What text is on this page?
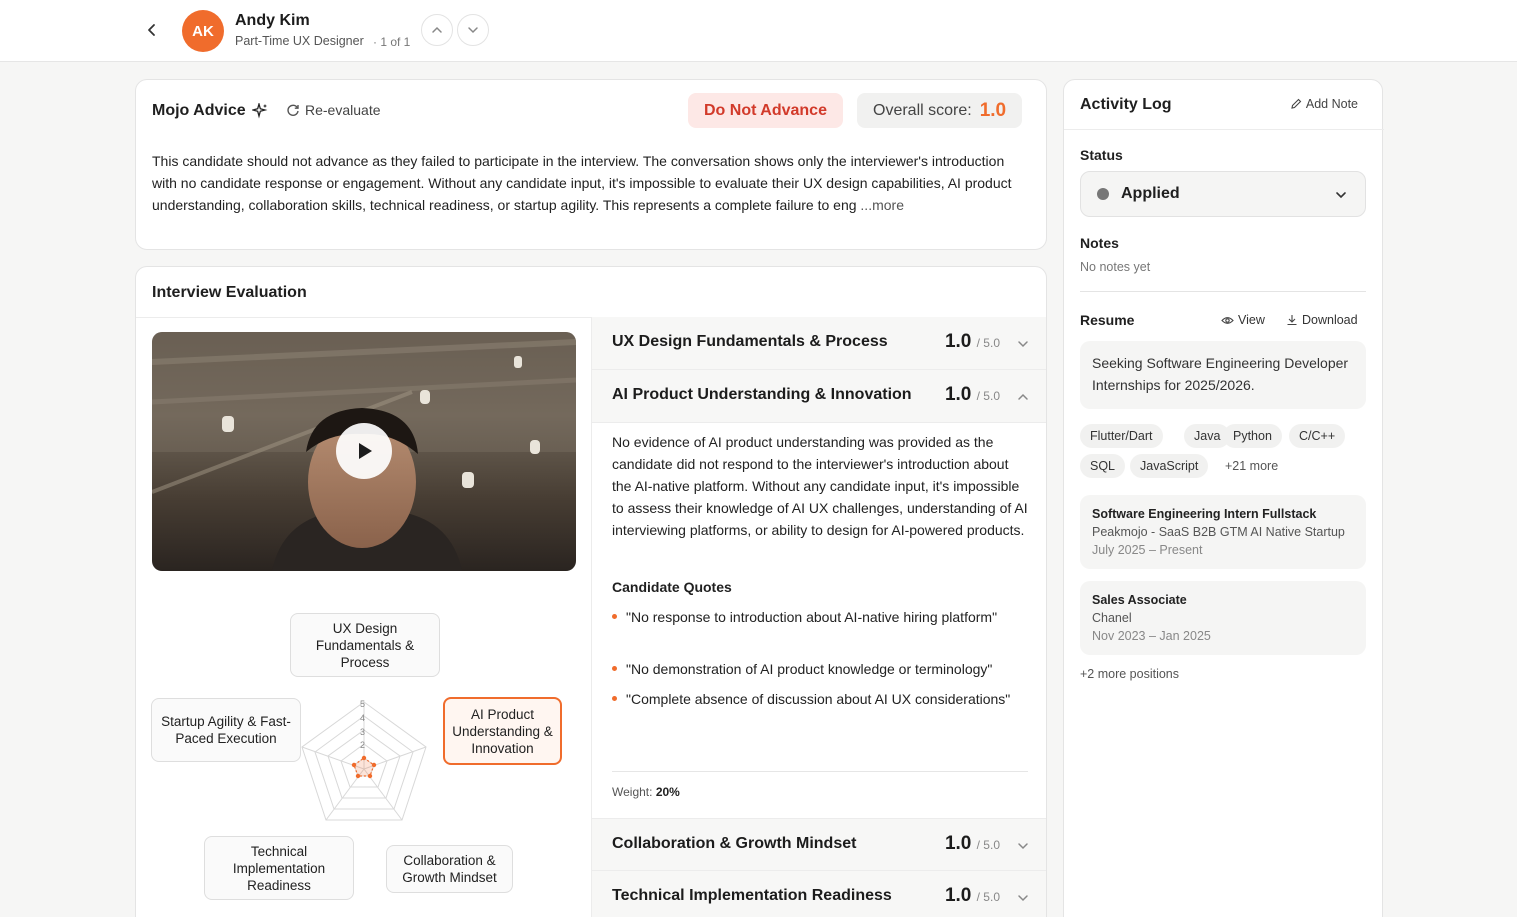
AK
Andy Kim
Part-Time UX Designer · 1 of 1
Mojo Advice	Re-evaluate	Do Not Advance	Overall score: 1.0
This candidate should not advance as they failed to participate in the interview. The conversation shows only the interviewer's introduction with no candidate response or engagement. Without any candidate input, it's impossible to evaluate their UX design capabilities, AI product understanding, collaboration skills, technical readiness, or startup agility. This represents a complete failure to eng ...more
Interview Evaluation
5
4
3
2
UX Design Fundamentals & Process
AI Product Understanding & Innovation
Collaboration & Growth Mindset
Technical Implementation Readiness
Startup Agility & Fast-Paced Execution
UX Design Fundamentals & Process	1.0 / 5.0
AI Product Understanding & Innovation 1.0 / 5.0
No evidence of AI product understanding was provided as the candidate did not respond to the interviewer's introduction about the AI-native platform. Without any candidate input, it's impossible to assess their knowledge of AI UX challenges, understanding of AI interviewing platforms, or ability to design for AI-powered products.
Candidate Quotes
"No response to introduction about AI-native hiring platform"
"No demonstration of AI product knowledge or terminology"
"Complete absence of discussion about AI UX considerations"
Weight: 20%
Collaboration & Growth Mindset	1.0 / 5.0
Technical Implementation Readiness	1.0 / 5.0
Activity Log	Add Note
Status
Applied
Notes
No notes yet
Resume	View	Download
Seeking Software Engineering Developer Internships for 2025/2026.
Flutter/Dart	Java	Python	C/C++
SQL	JavaScript	+21 more
Software Engineering Intern Fullstack
Peakmojo - SaaS B2B GTM AI Native Startup
July 2025 – Present
Sales Associate
Chanel
Nov 2023 – Jan 2025
+2 more positions
